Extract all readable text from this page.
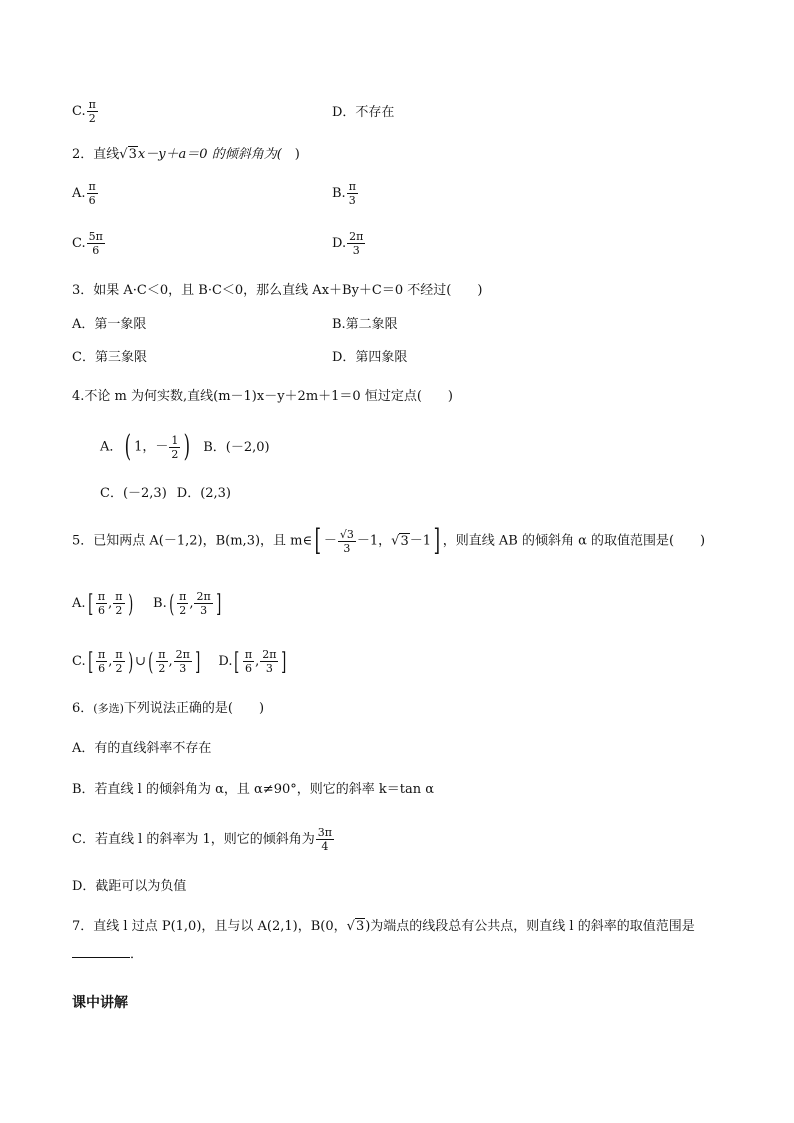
C. $\frac{\pi}{2}$	D．不存在
2．直线√3x－y＋a＝0 的倾斜角为(　 )
A. $\frac{\pi}{6}$	B. $\frac{\pi}{3}$
C. $\frac{5\pi}{6}$	D. $\frac{2\pi}{3}$
3．如果 A·C＜0，且 B·C＜0，那么直线 Ax＋By＋C＝0 不经过(　　)
A．第一象限	B.第二象限
C．第三象限	D．第四象限
4.不论 m 为何实数,直线(m－1)x－y＋2m＋1＝0 恒过定点(　　)
A．( 1，－ $\frac{1}{2}$ ) B．(－2,0)
C．(－2,3) D．(2,3)
5．已知两点 A(－1,2)，B(m,3)，且 m∈[ － $\frac{√3}{3} -1$，√3－1] ，则直线 AB 的倾斜角 α 的取值范围是(　　)
$A.[ \frac{\pi}{6}$ , $\frac{\pi}{2}$ ) $B.( \frac{\pi}{2}$ , $\frac{2\pi}{3}$ ]
$C.[ \frac{\pi}{6}$ , $\frac{\pi}{2}$ ) ∪( $\frac{\pi}{2}$ , $\frac{2\pi}{3}$ ] $D.[ \frac{\pi}{6}$ , $\frac{2\pi}{3}$ ]
6．(多选)下列说法正确的是(　　)
A．有的直线斜率不存在
B．若直线 l 的倾斜角为 α，且 α≠90°，则它的斜率 k＝tan α
C．若直线 l 的斜率为 1，则它的倾斜角为 $\frac{3\pi}{4}$
D．截距可以为负值
7．直线 l 过点 P(1,0)，且与以 A(2,1)，B(0，√3)为端点的线段总有公共点，则直线 l 的斜率的取值范围是
．
课中讲解
